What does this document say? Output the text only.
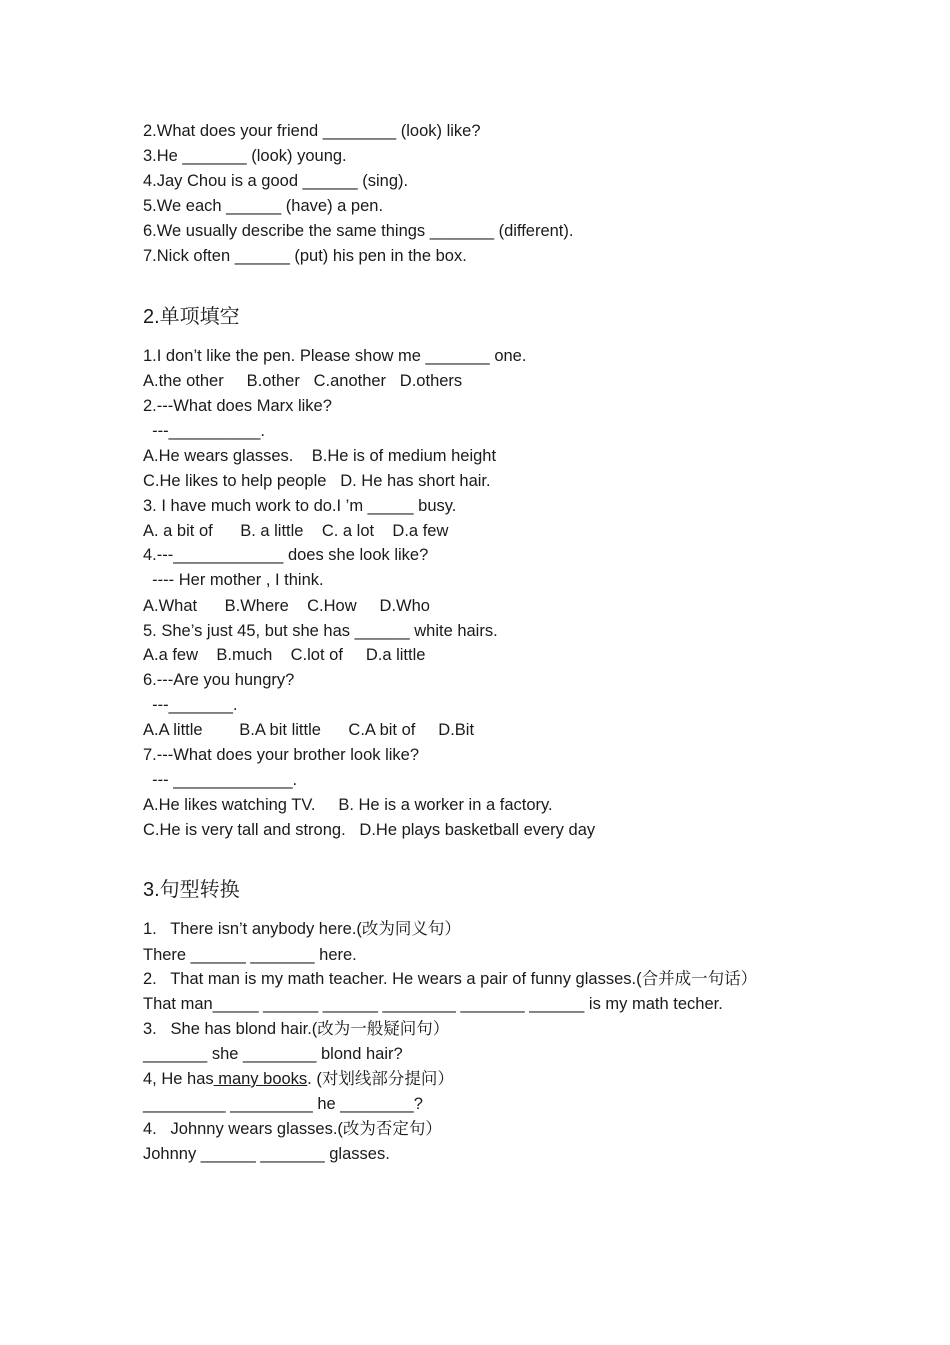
2.What does your friend ________ (look) like?
3.He _______ (look) young.
4.Jay Chou is a good ______ (sing).
5.We each ______ (have) a pen.
6.We usually describe the same things _______ (different).
7.Nick often ______ (put) his pen in the box.
2.单项填空
1.I don’t like the pen. Please show me _______ one.
A.the other     B.other   C.another   D.others
2.---What does Marx like?
---__________.
A.He wears glasses.    B.He is of medium height
C.He likes to help people   D. He has short hair.
3. I have much work to do.I ’m _____ busy.
A. a bit of      B. a little    C. a lot    D.a few
4.---____________ does she look like?
---- Her mother , I think.
A.What      B.Where    C.How     D.Who
5. She’s just 45, but she has ______ white hairs.
A.a few    B.much    C.lot of     D.a little
6.---Are you hungry?
---_______.
A.A little        B.A bit little      C.A bit of     D.Bit
7.---What does your brother look like?
--- _____________.
A.He likes watching TV.     B. He is a worker in a factory.
C.He is very tall and strong.   D.He plays basketball every day
3.句型转换
1.   There isn’t anybody here.(改为同义句）
There ______ _______ here.
2.   That man is my math teacher. He wears a pair of funny glasses.(合并成一句话）
That man_____ ______ ______ ________ _______ ______ is my math techer.
3.   She has blond hair.(改为一般疑问句）
_______ she ________ blond hair?
4, He has many books. (对划线部分提问）
_________ _________ he ________?
4.   Johnny wears glasses.(改为否定句）
Johnny ______ _______ glasses.
